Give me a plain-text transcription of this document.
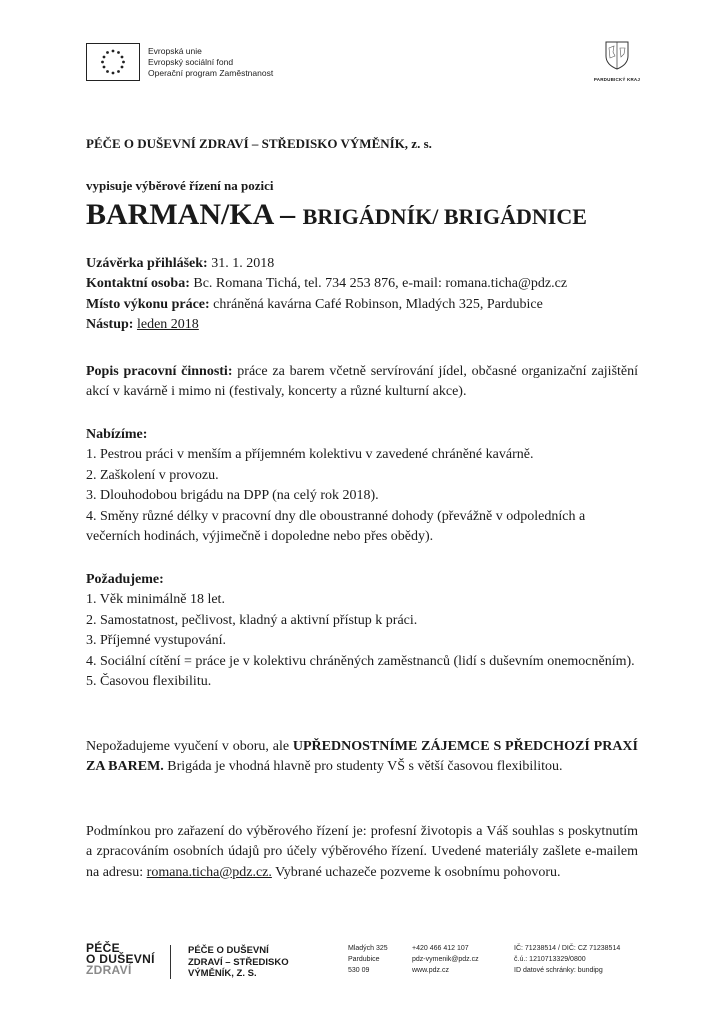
Evropská unie
Evropský sociální fond
Operační program Zaměstnanost
PARDUBICKÝ KRAJ
PÉČE O DUŠEVNÍ ZDRAVÍ – STŘEDISKO VÝMĚNÍK, z. s.
vypisuje výběrové řízení na pozici
BARMAN/KA – BRIGÁDNÍK/ BRIGÁDNICE

Uzávěrka přihlášek: 31. 1. 2018

Kontaktní osoba: Bc. Romana Tichá, tel. 734 253 876, e-mail: romana.ticha@pdz.cz

Místo výkonu práce: chráněná kavárna Café Robinson, Mladých 325, Pardubice

Nástup: leden 2018

Popis pracovní činnosti: práce za barem včetně servírování jídel, občasné organizační zajištění akcí v kavárně i mimo ni (festivaly, koncerty a různé kulturní akce).

Nabízíme:

1. Pestrou práci v menším a příjemném kolektivu v zavedené chráněné kavárně.

2. Zaškolení v provozu.

3. Dlouhodobou brigádu na DPP (na celý rok 2018).

4. Směny různé délky v pracovní dny dle oboustranné dohody (převážně v odpoledních a večerních hodinách, výjimečně i dopoledne nebo přes obědy).

Požadujeme:

1. Věk minimálně 18 let.

2. Samostatnost, pečlivost, kladný a aktivní přístup k práci.

3. Příjemné vystupování.

4. Sociální cítění = práce je v kolektivu chráněných zaměstnanců (lidí s duševním onemocněním).

5. Časovou flexibilitu.

Nepožadujeme vyučení v oboru, ale UPŘEDNOSTNÍME ZÁJEMCE S PŘEDCHOZÍ PRAXÍ ZA BAREM. Brigáda je vhodná hlavně pro studenty VŠ s větší časovou flexibilitou.

Podmínkou pro zařazení do výběrového řízení je: profesní životopis a Váš souhlas s poskytnutím a zpracováním osobních údajů pro účely výběrového řízení. Uvedené materiály zašlete e-mailem na adresu: romana.ticha@pdz.cz. Vybrané uchazeče pozveme k osobnímu pohovoru.

PÉČE
O DUŠEVNÍ
ZDRAVÍ
PÉČE O DUŠEVNÍ
ZDRAVÍ – STŘEDISKO
VÝMĚNÍK, Z. S.
Mladých 325
Pardubice
530 09
+420 466 412 107
pdz-vymenik@pdz.cz
www.pdz.cz
IČ: 71238514 / DIČ: CZ 71238514
č.ú.: 1210713329/0800
ID datové schránky: bundipg
